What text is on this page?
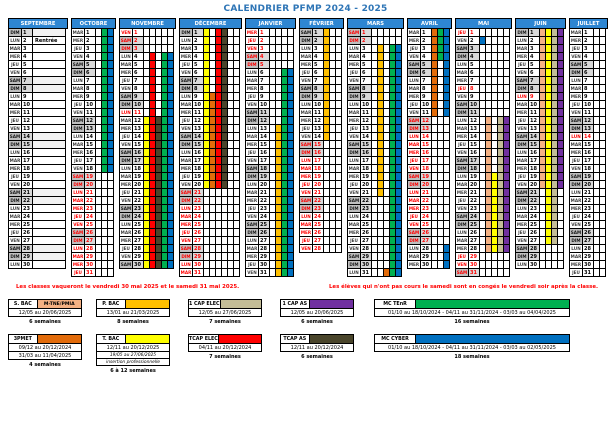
CALENDRIER PFMP 2024 - 2025
SEPTEMBRE
DIM 1
LUN 2	Rentrée
MAR 3
MER 4
JEU 5
VEN 6
SAM 7
DIM 8
LUN 9
MAR 10
MER 11
JEU 12
VEN 13
SAM 14
DIM 15
LUN 16
MAR 17
MER 18
JEU 19
VEN 20
SAM 21
DIM 22
LUN 23
MAR 24
MER 25
JEU 26
VEN 27
SAM 28
DIM 29
LUN 30
OCTOBRE
MAR 1
MER 2
JEU 3
VEN 4
SAM 5
DIM 6
LUN 7
MAR 8
MER 9
JEU 10
VEN 11
SAM 12
DIM 13
LUN 14
MAR 15
MER 16
JEU 17
VEN 18
SAM 19
DIM 20
LUN 21
MAR 22
MER 23
JEU 24
VEN 25
SAM 26
DIM 27
LUN 28
MAR 29
MER 30
JEU 31
NOVEMBRE
VEN 1
SAM 2
DIM 3
LUN 4
MAR 5
MER 6
JEU 7
VEN 8
SAM 9
DIM 10
LUN 11
MAR 12
MER 13
JEU 14
VEN 15
SAM 16
DIM 17
LUN 18
MAR 19
MER 20
JEU 21
VEN 22
SAM 23
DIM 24
LUN 25
MAR 26
MER 27
JEU 28
VEN 29
SAM 30
DÉCEMBRE
DIM 1
LUN 2
MAR 3
MER 4
JEU 5
VEN 6
SAM 7
DIM 8
LUN 9
MAR 10
MER 11
JEU 12
VEN 13
SAM 14
DIM 15
LUN 16
MAR 17
MER 18
JEU 19
VEN 20
SAM 21
DIM 22
LUN 23
MAR 24
MER 25
JEU 26
VEN 27
SAM 28
DIM 29
LUN 30
MAR 31
JANVIER
MER 1
JEU 2
VEN 3
SAM 4
DIM 5
LUN 6
MAR 7
MER 8
JEU 9
VEN 10
SAM 11
DIM 12
LUN 13
MAR 14
MER 15
JEU 16
VEN 17
SAM 18
DIM 19
LUN 20
MAR 21
MER 22
JEU 23
VEN 24
SAM 25
DIM 26
LUN 27
MAR 28
MER 29
JEU 30
VEN 31
FÉVRIER
SAM 1
DIM 2
LUN 3
MAR 4
MER 5
JEU 6
VEN 7
SAM 8
DIM 9
LUN 10
MAR 11
MER 12
JEU 13
VEN 14
SAM 15
DIM 16
LUN 17
MAR 18
MER 19
JEU 20
VEN 21
SAM 22
DIM 23
LUN 24
MAR 25
MER 26
JEU 27
VEN 28
MARS
SAM 1
DIM 2
LUN 3
MAR 4
MER 5
JEU 6
VEN 7
SAM 8
DIM 9
LUN 10
MAR 11
MER 12
JEU 13
VEN 14
SAM 15
DIM 16
LUN 17
MAR 18
MER 19
JEU 20
VEN 21
SAM 22
DIM 23
LUN 24
MAR 25
MER 26
JEU 27
VEN 28
SAM 29
DIM 30
LUN 31
AVRIL
MAR 1
MER 2
JEU 3
VEN 4
SAM 5
DIM 6
LUN 7
MAR 8
MER 9
JEU 10
VEN 11
SAM 12
DIM 13
LUN 14
MAR 15
MER 16
JEU 17
VEN 18
SAM 19
DIM 20
LUN 21
MAR 22
MER 23
JEU 24
VEN 25
SAM 26
DIM 27
LUN 28
MAR 29
MER 30
MAI
JEU 1
VEN 2
SAM 3
DIM 4
LUN 5
MAR 6
MER 7
JEU 8
VEN 9
SAM 10
DIM 11
LUN 12
MAR 13
MER 14
JEU 15
VEN 16
SAM 17
DIM 18
LUN 19
MAR 20
MER 21
JEU 22
VEN 23
SAM 24
DIM 25
LUN 26
MAR 27
MER 28
JEU 29
VEN 30
SAM 31
JUIN
DIM 1
LUN 2
MAR 3
MER 4
JEU 5
VEN 6
SAM 7
DIM 8
LUN 9
MAR 10
MER 11
JEU 12
VEN 13
SAM 14
DIM 15
LUN 16
MAR 17
MER 18
JEU 19
VEN 20
SAM 21
DIM 22
LUN 23
MAR 24
MER 25
JEU 26
VEN 27
SAM 28
DIM 29
LUN 30
JUILLET
MAR 1
MER 2
JEU 3
VEN 4
SAM 5
DIM 6
LUN 7
MAR 8
MER 9
JEU 10
VEN 11
SAM 12
DIM 13
LUN 14
MAR 15
MER 16
JEU 17
VEN 18
SAM 19
DIM 20
LUN 21
MAR 22
MER 23
JEU 24
VEN 25
SAM 26
DIM 27
LUN 28
MAR 29
MER 30
JEU 31
Les classes vaqueront le vendredi 30 mai 2025 et le samedi 31 mai 2025.	Les élèves qui n'ont pas cours le samedi sont en congés le vendredi soir après la classe.
S. BAC	M-TNE/PMIA
12/05 au 20/06/2025
6 semaines
P. BAC
13/01 au 21/03/2025
8 semaines
1 CAP ELEC
12/05 au 27/06/2025
7 semaines
1 CAP AS
12/05 au 20/06/2025
6 semaines
MC TEnR
01/10 au 18/10/2024 - 04/11 au 31/11/2024 - 03/03 au 04/04/2025
16 semaines
3PMET
09/12 au 20/12/2024
31/03 au 11/04/2025
4 semaines
T. BAC
12/11 au 20/12/2025
19/05 au 27/06/2025
insertion professionnelle
6 à 12 semaines
TCAP ELEC
04/11 au 20/12/2024
7 semaines
TCAP AS
12/11 au 20/12/2024
6 semaines
MC CYBER
01/10 au 18/10/2024 - 04/11 au 31/11/2024 - 03/03 au 02/05/2025
18 semaines
